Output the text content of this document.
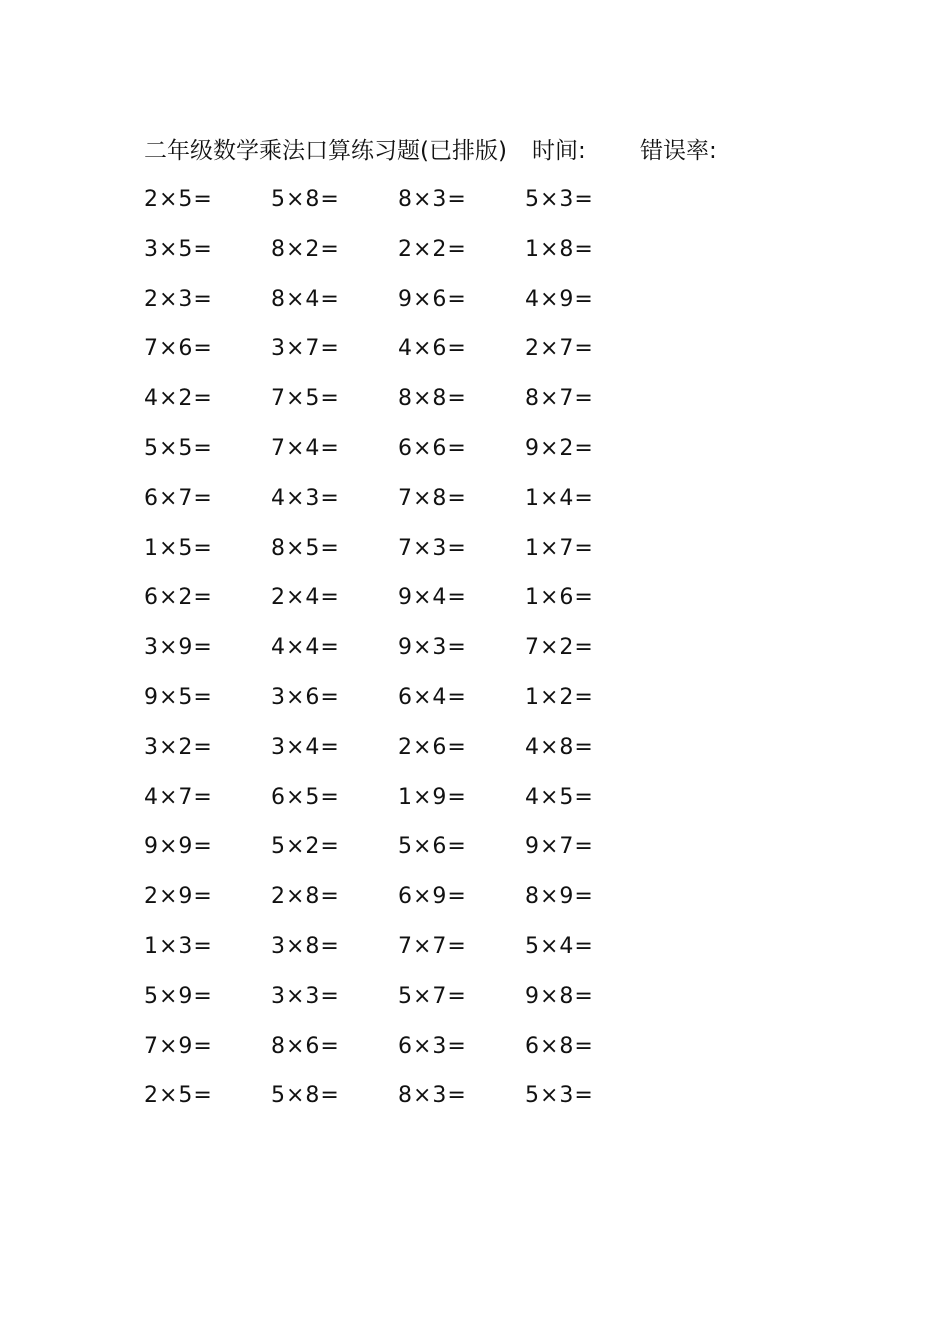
二年级数学乘法口算练习题(已排版) 时间: 错误率:
2×5=	5×8=	8×3=	5×3=
3×5=	8×2=	2×2=	1×8=
2×3=	8×4=	9×6=	4×9=
7×6=	3×7=	4×6=	2×7=
4×2=	7×5=	8×8=	8×7=
5×5=	7×4=	6×6=	9×2=
6×7=	4×3=	7×8=	1×4=
1×5=	8×5=	7×3=	1×7=
6×2=	2×4=	9×4=	1×6=
3×9=	4×4=	9×3=	7×2=
9×5=	3×6=	6×4=	1×2=
3×2=	3×4=	2×6=	4×8=
4×7=	6×5=	1×9=	4×5=
9×9=	5×2=	5×6=	9×7=
2×9=	2×8=	6×9=	8×9=
1×3=	3×8=	7×7=	5×4=
5×9=	3×3=	5×7=	9×8=
7×9=	8×6=	6×3=	6×8=
2×5=	5×8=	8×3=	5×3=
